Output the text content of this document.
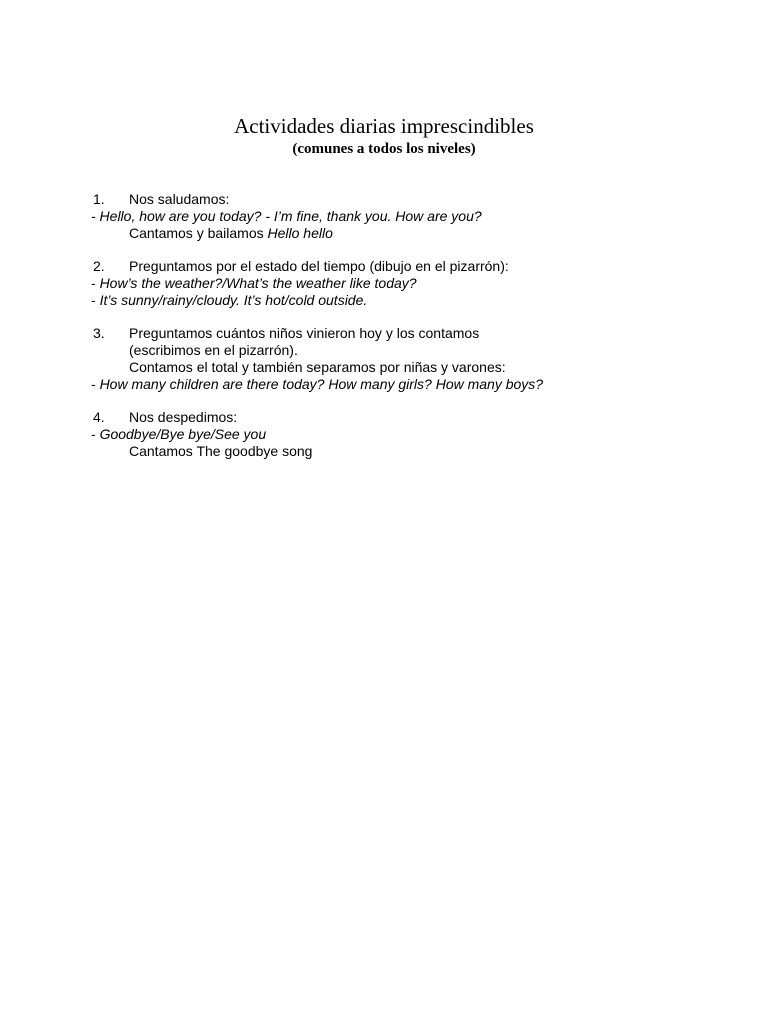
Actividades diarias imprescindibles
(comunes a todos los niveles)
1. Nos saludamos:
- Hello, how are you today? - I’m fine, thank you. How are you?
Cantamos y bailamos Hello hello
2. Preguntamos por el estado del tiempo (dibujo en el pizarrón):
- How’s the weather?/What’s the weather like today?
- It’s sunny/rainy/cloudy. It’s hot/cold outside.
3. Preguntamos cuántos niños vinieron hoy y los contamos
(escribimos en el pizarrón).
Contamos el total y también separamos por niñas y varones:
- How many children are there today? How many girls? How many boys?
4. Nos despedimos:
- Goodbye/Bye bye/See you
Cantamos The goodbye song
